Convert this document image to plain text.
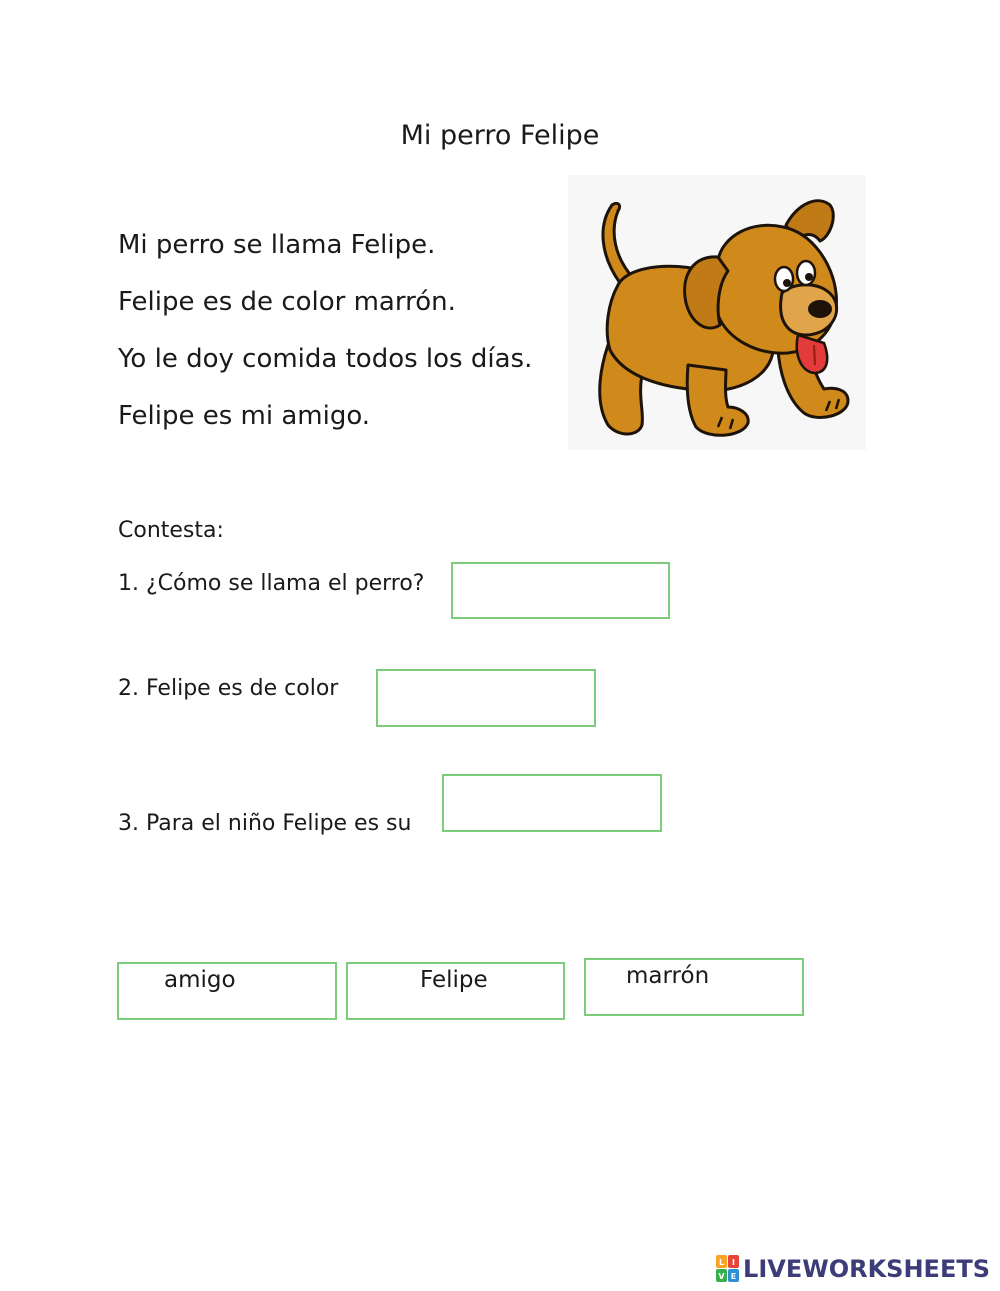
Mi perro Felipe
Mi perro se llama Felipe.
Felipe es de color marrón.
Yo le doy comida todos los días.
Felipe es mi amigo.
Contesta:
1. ¿Cómo se llama el perro?
2. Felipe es de color
3. Para el niño Felipe es su
amigo	Felipe	marrón
L I
V E LIVEWORKSHEETS
